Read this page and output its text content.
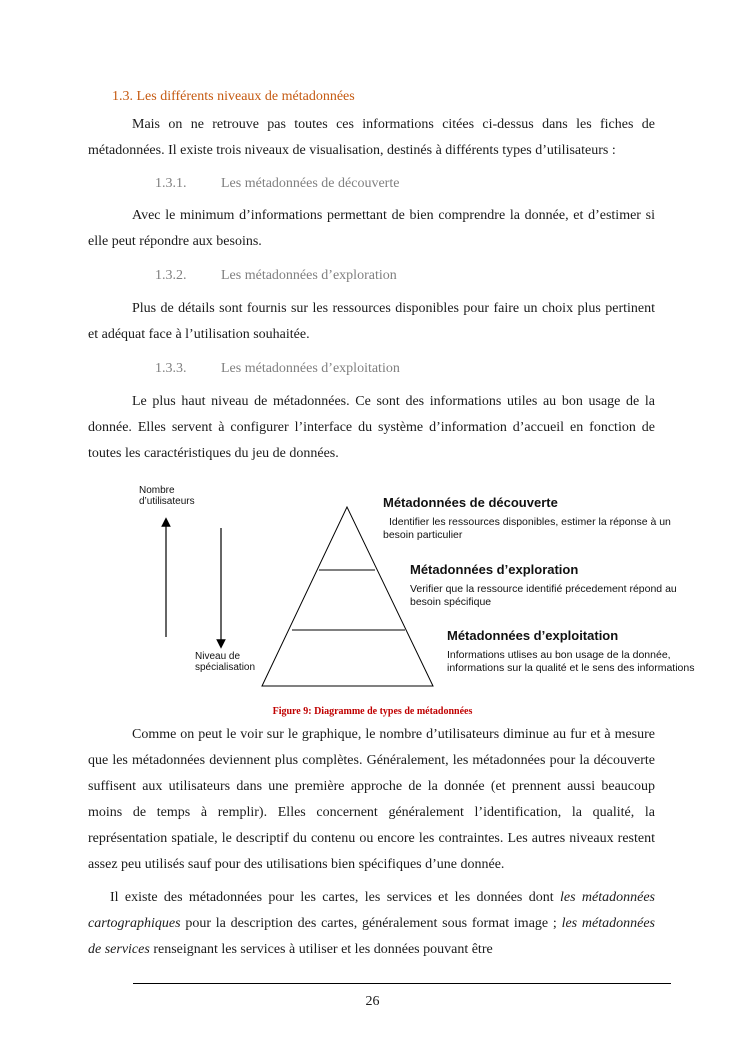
1.3. Les différents niveaux de métadonnées

Mais on ne retrouve pas toutes ces informations citées ci-dessus dans les fiches de métadonnées. Il existe trois niveaux de visualisation, destinés à différents types d’utilisateurs :

1.3.1. Les métadonnées de découverte

Avec le minimum d’informations permettant de bien comprendre la donnée, et d’estimer si elle peut répondre aux besoins.

1.3.2. Les métadonnées d’exploration

Plus de détails sont fournis sur les ressources disponibles pour faire un choix plus pertinent et adéquat face à l’utilisation souhaitée.

1.3.3. Les métadonnées d’exploitation

Le plus haut niveau de métadonnées. Ce sont des informations utiles au bon usage de la donnée. Elles servent à configurer l’interface du système d’information d’accueil en fonction de toutes les caractéristiques du jeu de données.

Nombre
d’utilisateurs
Niveau de
spécialisation
Métadonnées de découverte
Identifier les ressources disponibles, estimer la réponse à un
besoin particulier
Métadonnées d’exploration
Verifier que la ressource identifié précedement répond au
besoin spécifique
Métadonnées d’exploitation
Informations utlises au bon usage de la donnée,
informations sur la qualité et le sens des informations
Figure 9: Diagramme de types de métadonnées

Comme on peut le voir sur le graphique, le nombre d’utilisateurs diminue au fur et à mesure que les métadonnées deviennent plus complètes. Généralement, les métadonnées pour la découverte suffisent aux utilisateurs dans une première approche de la donnée (et prennent aussi beaucoup moins de temps à remplir). Elles concernent généralement l’identification, la qualité, la représentation spatiale, le descriptif du contenu ou encore les contraintes. Les autres niveaux restent assez peu utilisés sauf pour des utilisations bien spécifiques d’une donnée.

Il existe des métadonnées pour les cartes, les services et les données dont les métadonnées cartographiques pour la description des cartes, généralement sous format image ; les métadonnées de services renseignant les services à utiliser et les données pouvant être

26
